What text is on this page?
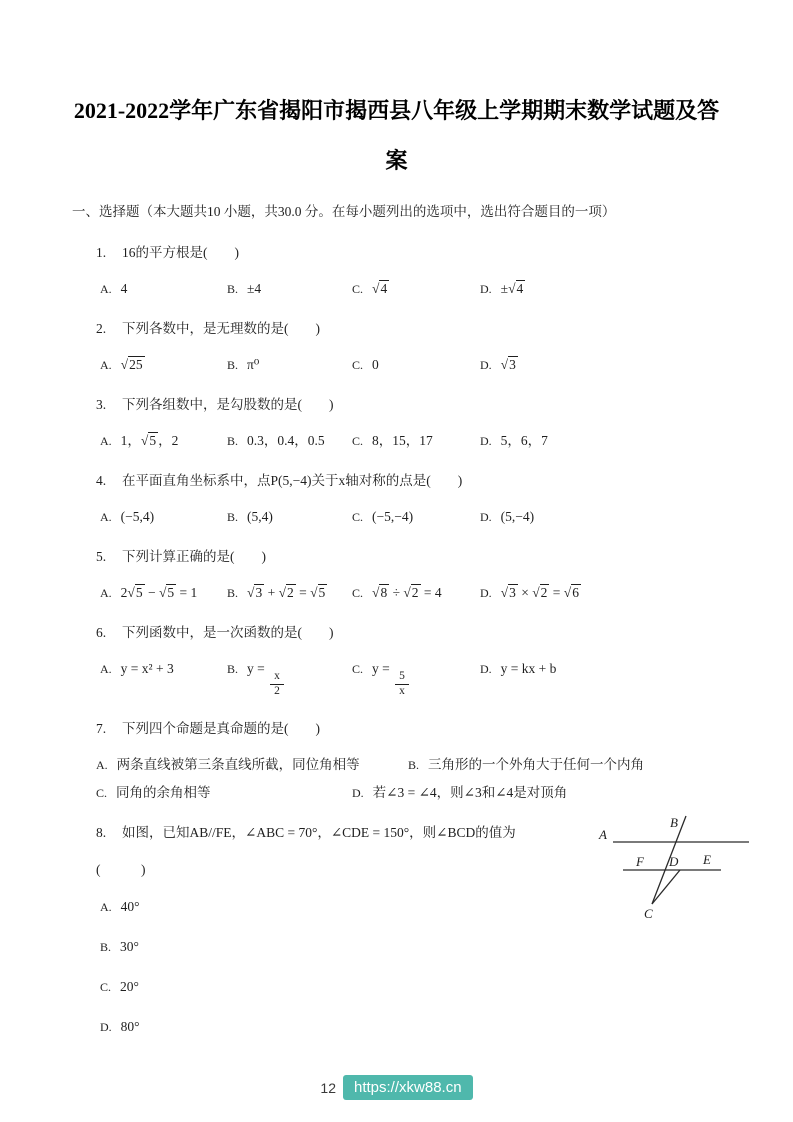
2021-2022学年广东省揭阳市揭西县八年级上学期期末数学试题及答
案
一、选择题（本大题共10 小题，共30.0 分。在每小题列出的选项中，选出符合题目的一项）
1.	16的平方根是(        )
A. 4	B. ±4	C. √4	D. ±√4
2.	下列各数中，是无理数的是(        )
A. √25	B. π⁰	C. 0	D. √3
3.	下列各组数中，是勾股数的是(        )
A. 1，√5 ，2	B. 0.3，0.4，0.5 C. 8，15，17	D. 5，6，7
4.	在平面直角坐标系中，点P(5,−4)关于x轴对称的点是(        )
A. (−5,4)	B. (5,4)	C. (−5,−4)	D. (5,−4)
5.	下列计算正确的是(        )
A. 2√5 − √5 = 1 B. √3 + √2 = √5 C. √8 ÷ √2 = 4	D. √3 × √2 = √6
6.	下列函数中，是一次函数的是(        )
A. y = x² + 3	B. y =
$\frac{x}{2}$
C. y =
$\frac{5}{x}$
D. y = kx + b
7.	下列四个命题是真命题的是(        )
A. 两条直线被第三条直线所截，同位角相等	B. 三角形的一个外角大于任何一个内角
C. 同角的余角相等	D. 若∠3 = ∠4，则∠3和∠4是对顶角
8.	如图，已知AB//FE，∠ABC = 70°，∠CDE = 150°，则∠BCD的值为
(            )
A. 40°
B. 30°
C. 20°
D. 80°
A
B
F D E
C
12	https://xkw88.cn
